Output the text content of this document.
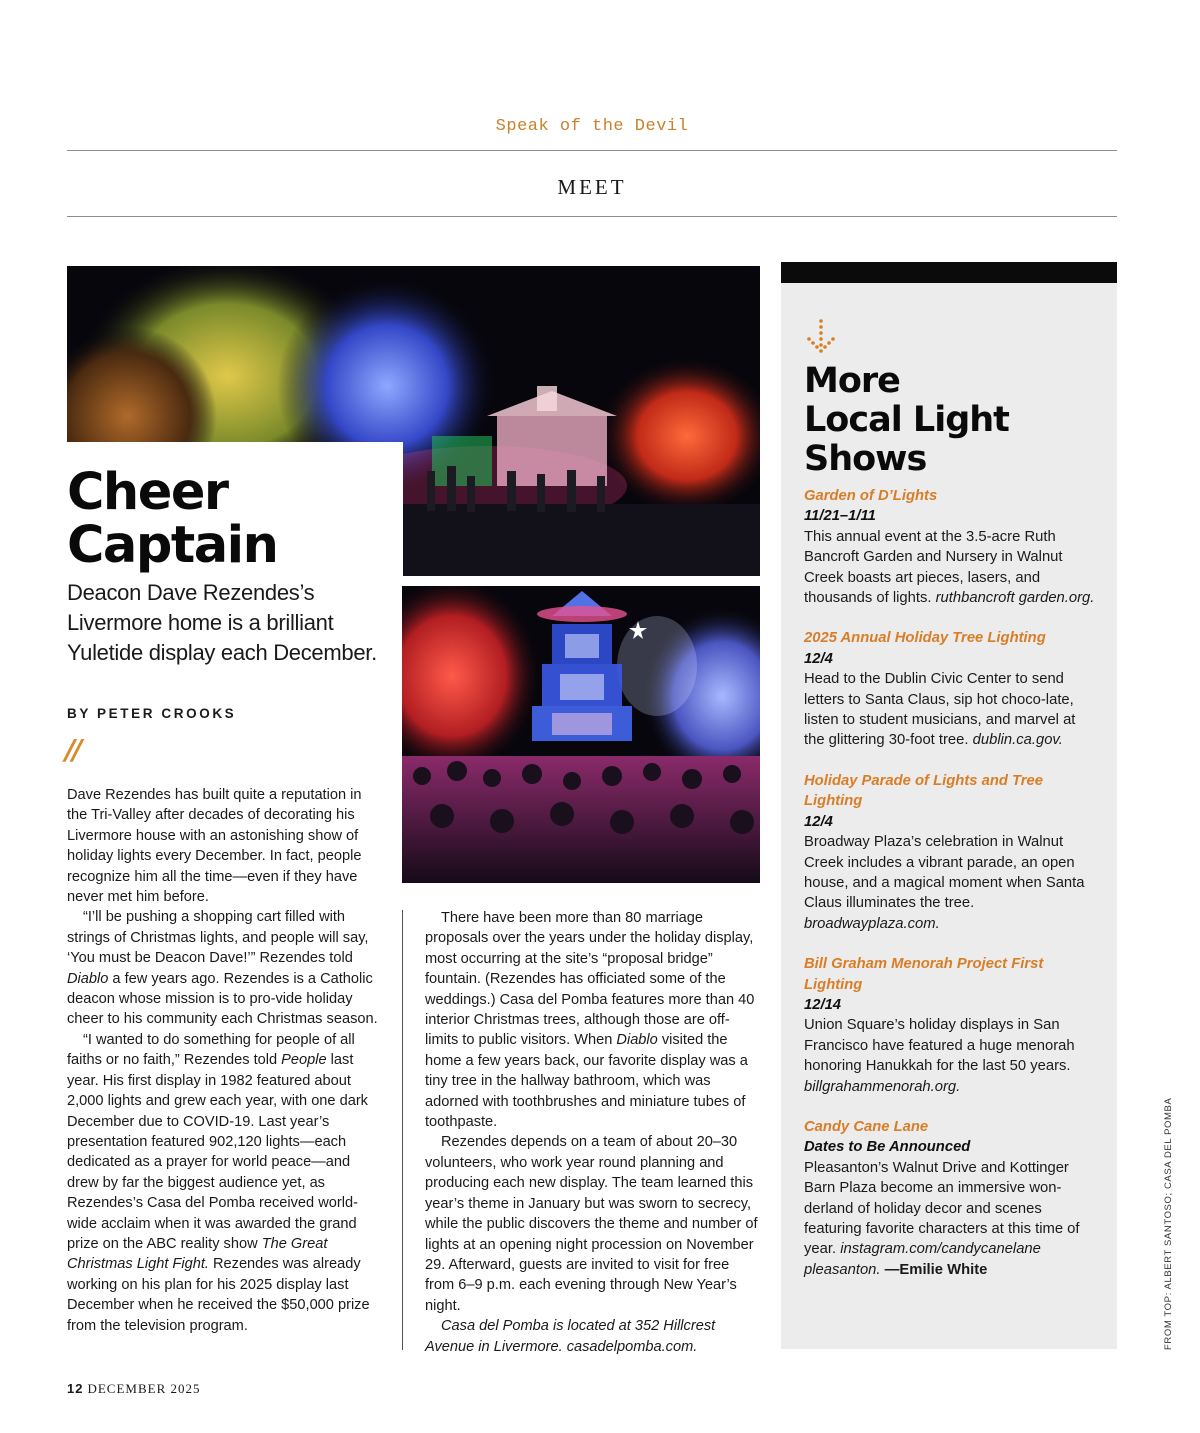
Speak of the Devil
MEET
Cheer
Captain
Deacon Dave Rezendes’s Livermore home is a brilliant Yuletide display each December.
BY PETER CROOKS
//

Dave Rezendes has built quite a reputation in the Tri-Valley after decades of decorating his Livermore house with an astonishing show of holiday lights every December. In fact, people recognize him all the time—even if they have never met him before.

“I’ll be pushing a shopping cart filled with strings of Christmas lights, and people will say, ‘You must be Deacon Dave!’” Rezendes told Diablo a few years ago. Rezendes is a Catholic deacon whose mission is to pro-vide holiday cheer to his community each Christmas season.

“I wanted to do something for people of all faiths or no faith,” Rezendes told People last year. His first display in 1982 featured about 2,000 lights and grew each year, with one dark December due to COVID-19. Last year’s presentation featured 902,120 lights—each dedicated as a prayer for world peace—and drew by far the biggest audience yet, as Rezendes’s Casa del Pomba received world-wide acclaim when it was awarded the grand prize on the ABC reality show The Great Christmas Light Fight. Rezendes was already working on his plan for his 2025 display last December when he received the $50,000 prize from the television program.

There have been more than 80 marriage proposals over the years under the holiday display, most occurring at the site’s “proposal bridge” fountain. (Rezendes has officiated some of the weddings.) Casa del Pomba features more than 40 interior Christmas trees, although those are off-limits to public visitors. When Diablo visited the home a few years back, our favorite display was a tiny tree in the hallway bathroom, which was adorned with toothbrushes and miniature tubes of toothpaste.

Rezendes depends on a team of about 20–30 volunteers, who work year round planning and producing each new display. The team learned this year’s theme in January but was sworn to secrecy, while the public discovers the theme and number of lights at an opening night procession on November 29. Afterward, guests are invited to visit for free from 6–9 p.m. each evening through New Year’s night.

Casa del Pomba is located at 352 Hillcrest Avenue in Livermore. casadelpomba.com.

More
Local Light
Shows
Garden of D’Lights
11/21–1/11
This annual event at the 3.5-acre Ruth Bancroft Garden and Nursery in Walnut Creek boasts art pieces, lasers, and thousands of lights. ruthbancroft garden.org.
2025 Annual Holiday Tree Lighting
12/4
Head to the Dublin Civic Center to send letters to Santa Claus, sip hot choco-late, listen to student musicians, and marvel at the glittering 30-foot tree. dublin.ca.gov.
Holiday Parade of Lights and Tree Lighting
12/4
Broadway Plaza’s celebration in Walnut Creek includes a vibrant parade, an open house, and a magical moment when Santa Claus illuminates the tree. broadwayplaza.com.
Bill Graham Menorah Project First Lighting
12/14
Union Square’s holiday displays in San Francisco have featured a huge menorah honoring Hanukkah for the last 50 years. billgrahammenorah.org.
Candy Cane Lane
Dates to Be Announced
Pleasanton’s Walnut Drive and Kottinger Barn Plaza become an immersive won-derland of holiday decor and scenes featuring favorite characters at this time of year. instagram.com/candycanelane pleasanton. —Emilie White	FROM TOP: ALBERT SANTOSO; CASA DEL POMBA
12 DECEMBER 2025
